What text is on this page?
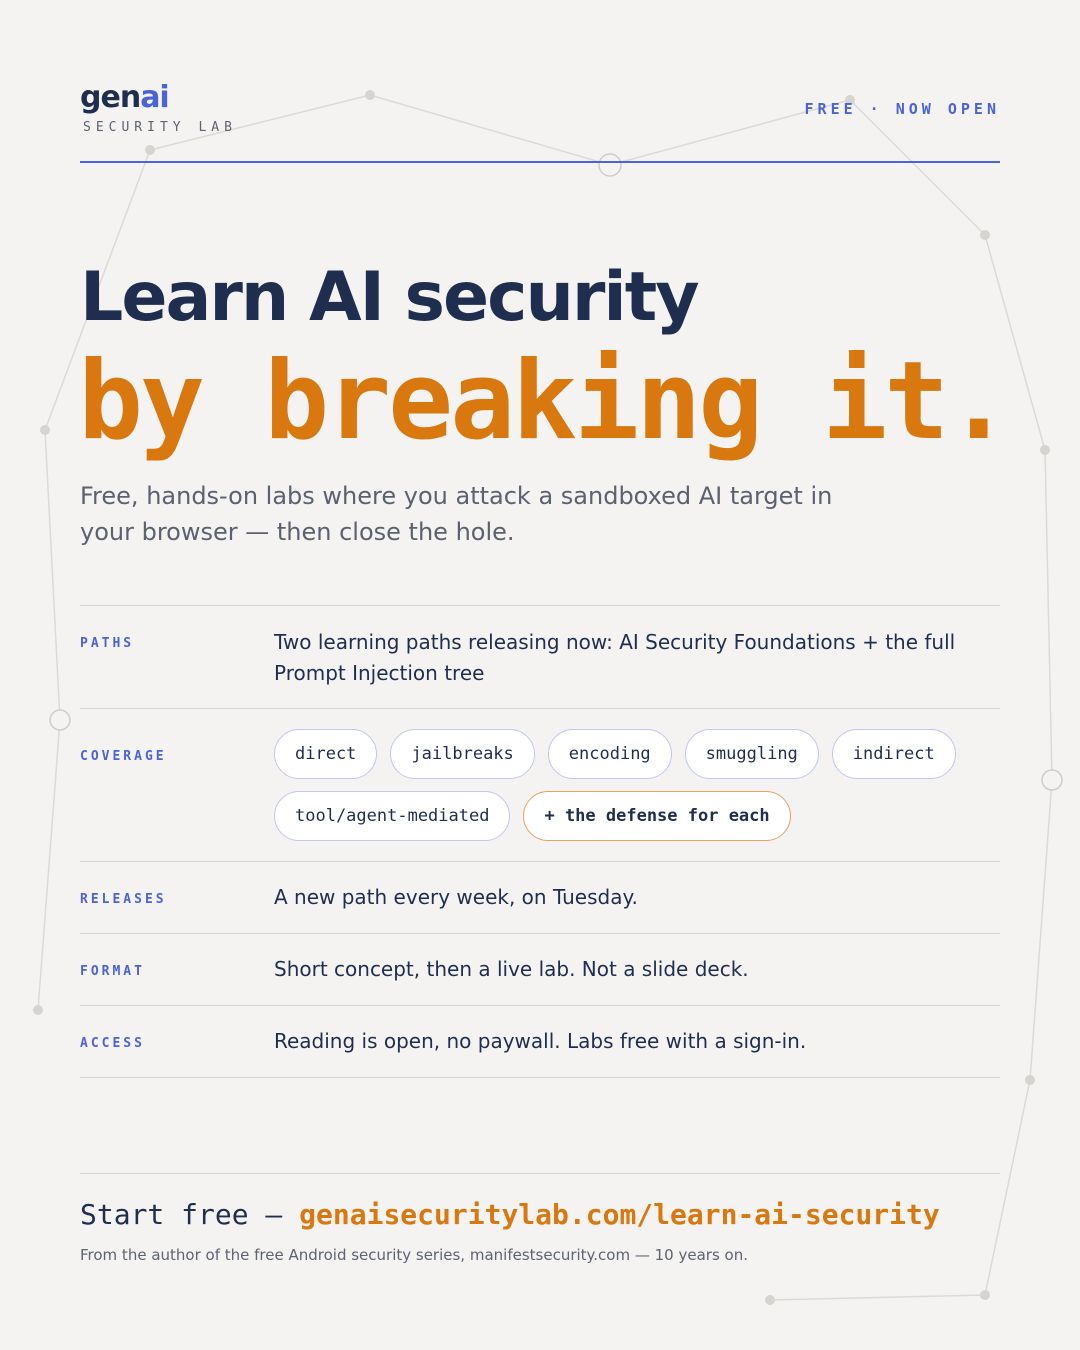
genai
SECURITY LAB
FREE · NOW OPEN
Learn AI security
by breaking it.
Free, hands-on labs where you attack a sandboxed AI target in your browser — then close the hole.
PATHS	Two learning paths releasing now: AI Security Foundations + the full Prompt Injection tree
COVERAGE	direct	jailbreaks	encoding	smuggling	indirect
tool/agent-mediated	+ the defense for each
RELEASES	A new path every week, on Tuesday.
FORMAT	Short concept, then a live lab. Not a slide deck.
ACCESS	Reading is open, no paywall. Labs free with a sign-in.
Start free — genaisecuritylab.com/learn-ai-security
From the author of the free Android security series, manifestsecurity.com — 10 years on.
